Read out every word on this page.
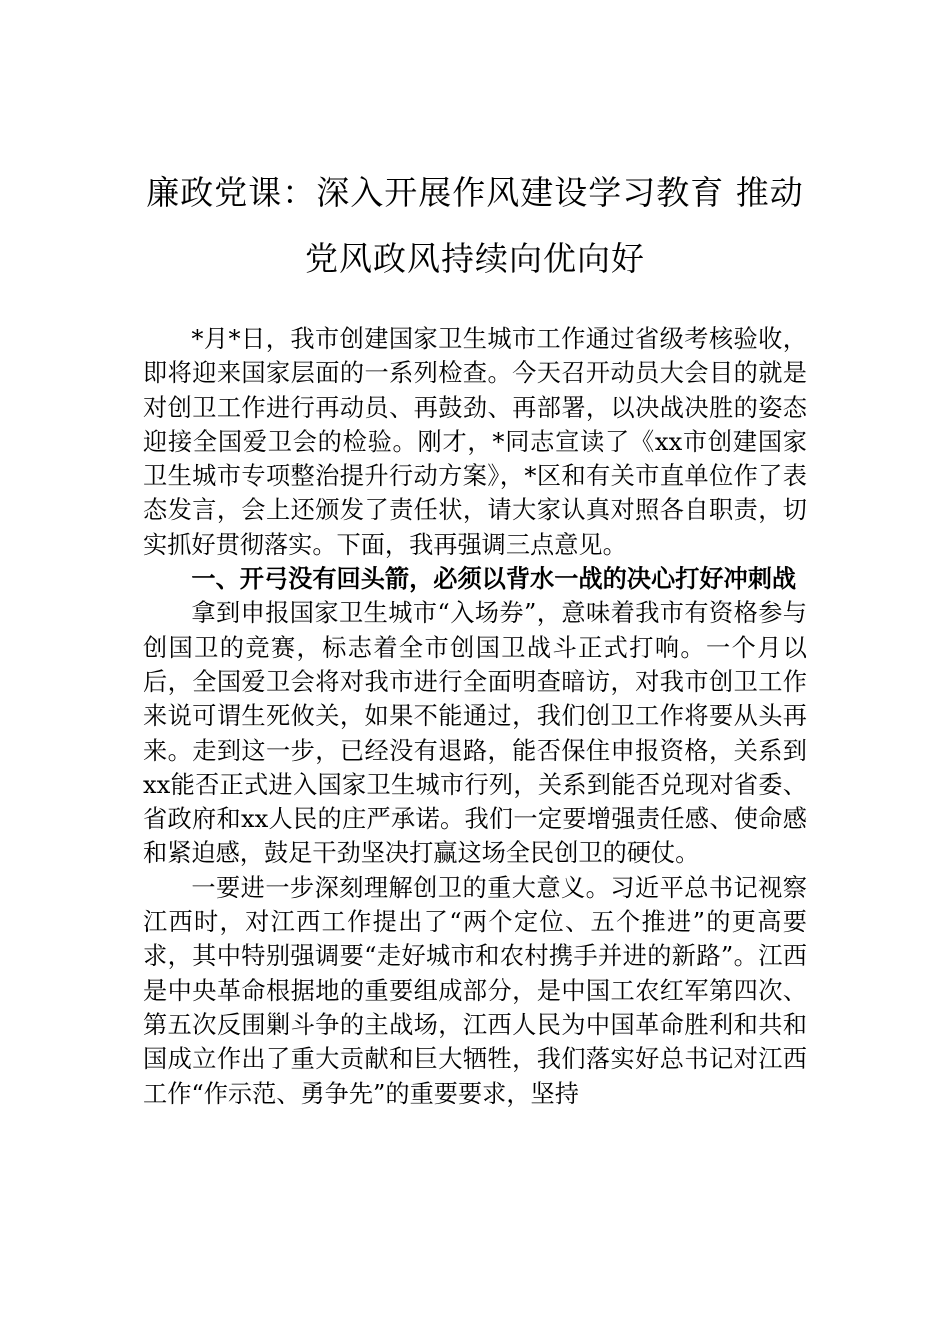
廉政党课：深入开展作风建设学习教育 推动党风政风持续向优向好

*月*日，我市创建国家卫生城市工作通过省级考核验收，即将迎来国家层面的一系列检查。今天召开动员大会目的就是对创卫工作进行再动员、再鼓劲、再部署，以决战决胜的姿态迎接全国爱卫会的检验。刚才，*同志宣读了《xx市创建国家卫生城市专项整治提升行动方案》，*区和有关市直单位作了表态发言，会上还颁发了责任状，请大家认真对照各自职责，切实抓好贯彻落实。下面，我再强调三点意见。

一、开弓没有回头箭，必须以背水一战的决心打好冲刺战

拿到申报国家卫生城市“入场券”，意味着我市有资格参与创国卫的竞赛，标志着全市创国卫战斗正式打响。一个月以后，全国爱卫会将对我市进行全面明查暗访，对我市创卫工作来说可谓生死攸关，如果不能通过，我们创卫工作将要从头再来。走到这一步，已经没有退路，能否保住申报资格，关系到xx能否正式进入国家卫生城市行列，关系到能否兑现对省委、省政府和xx人民的庄严承诺。我们一定要增强责任感、使命感和紧迫感，鼓足干劲坚决打赢这场全民创卫的硬仗。

一要进一步深刻理解创卫的重大意义。习近平总书记视察江西时，对江西工作提出了“两个定位、五个推进”的更高要求，其中特别强调要“走好城市和农村携手并进的新路”。江西是中央革命根据地的重要组成部分，是中国工农红军第四次、第五次反围剿斗争的主战场，江西人民为中国革命胜利和共和国成立作出了重大贡献和巨大牺牲，我们落实好总书记对江西工作“作示范、勇争先”的重要要求，坚持
